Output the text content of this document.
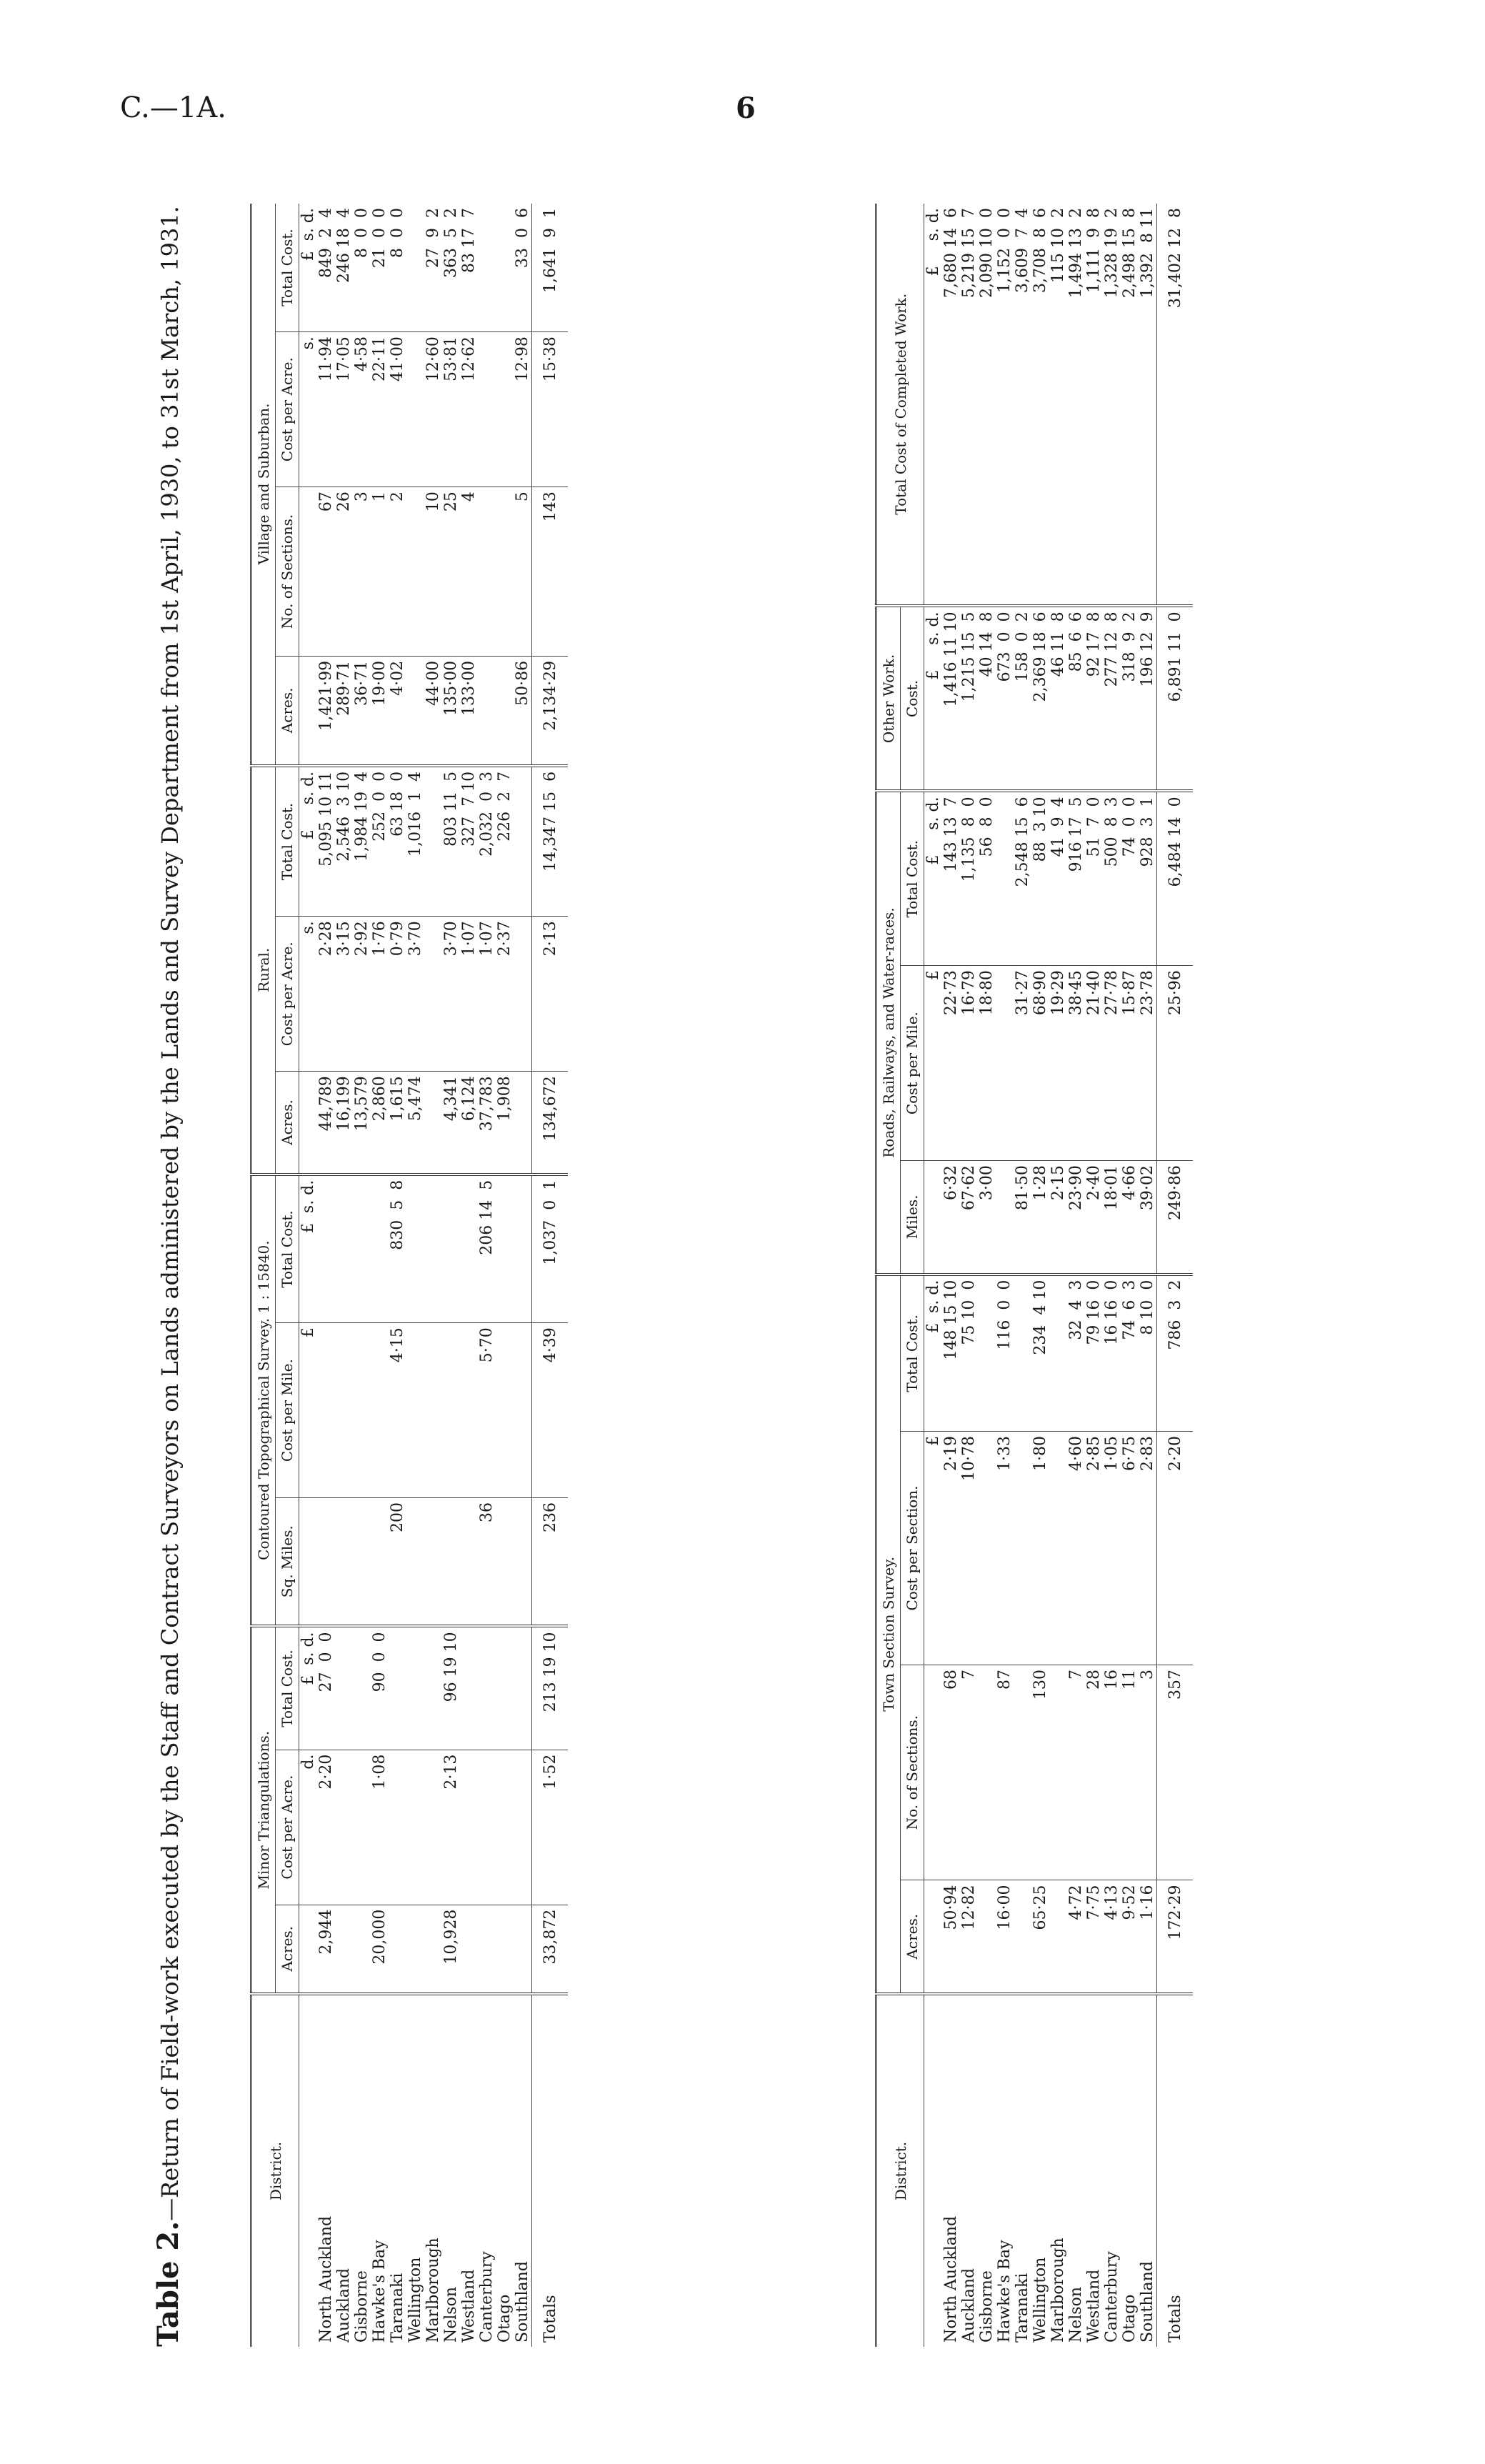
C.—1A.	6
Table 2.—Return of Field-work executed by the Staff and Contract Surveyors on Lands administered by the Lands and Survey Department from 1st April, 1930, to 31st March, 1931.	District.	Minor Triangulations.			Contoured Topographical Survey. 1 : 15840.			Rural.			Village and Suburban.			
	Acres.	Cost per Acre.	Total Cost.	Sq. Miles.	Cost per Mile.	Total Cost.	Acres.	Cost per Acre.	Total Cost.	Acres.	No. of Sections.	Cost per Acre.	Total Cost.
		d.	£  s. d.		£	£  s. d.		s.	£     s. d.			s.	£  s. d.
North Auckland	2,944	2·20	27  0  0				44,789	2·28	5,095 10 11	1,421·99	67	11·94	849  2  4
Auckland							16,199	3·15	2,546  3 10	289·71	26	17·05	246 18  4
Gisborne							13,579	2·92	1,984 19  4	36·71	3	4·58	8  0  0
Hawke's Bay	20,000	1·08	90  0  0				2,860	1·76	252  0  0	19·00	1	22·11	21  0  0
Taranaki				200	4·15	830  5  8	1,615	0·79	63 18  0	4·02	2	41·00	8  0  0
Wellington							5,474	3·70	1,016  1  4				
Marlborough										44·00	10	12·60	27  9  2
Nelson	10,928	2·13	96 19 10				4,341	3·70	803 11  5	135·00	25	53·81	363  5  2
Westland							6,124	1·07	327  7 10	133·00	4	12·62	83 17  7
Canterbury				36	5·70	206 14  5	37,783	1·07	2,032  0  3				
Otago							1,908	2·37	226  2  7				
Southland										50·86	5	12·98	33  0  6
Totals	33,872	1·52	213 19 10	236	4·39	1,037  0  1	134,672	2·13	14,347 15  6	2,134·29	143	15·38	1,641  9  1
District.	Town Section Survey.				Roads, Railways, and Water-races.			Other Work.	Total Cost of Completed Work.
	Acres.	No. of Sections.	Cost per Section.	Total Cost.	Miles.	Cost per Mile.	Total Cost.	Cost.	
			£	£  s. d.		£	£     s. d.	£     s. d.	£     s. d.
North Auckland	50·94	68	2·19	148 15 10	6·32	22·73	143 13  7	1,416 11 10	7,680 14  6
Auckland	12·82	7	10·78	75 10  0	67·62	16·79	1,135  8  0	1,215 15  5	5,219 15  7
Gisborne					3·00	18·80	56  8  0	40 14  8	2,090 10  0
Hawke's Bay	16·00	87	1·33	116  0  0				673  0  0	1,152  0  0
Taranaki					81·50	31·27	2,548 15  6	158  0  2	3,609  7  4
Wellington	65·25	130	1·80	234  4 10	1·28	68·90	88  3 10	2,369 18  6	3,708  8  6
Marlborough					2·15	19·29	41  9  4	46 11  8	115 10  2
Nelson	4·72	7	4·60	32  4  3	23·90	38·45	916 17  5	85  6  6	1,494 13  2
Westland	7·75	28	2·85	79 16  0	2·40	21·40	51  7  0	92 17  8	1,111  9  8
Canterbury	4·13	16	1·05	16 16  0	18·01	27·78	500  8  3	277 12  8	1,328 19  2
Otago	9·52	11	6·75	74  6  3	4·66	15·87	74  0  0	318  9  2	2,498 15  8
Southland	1·16	3	2·83	8 10  0	39·02	23·78	928  3  1	196 12  9	1,392  8 11
Totals	172·29	357	2·20	786  3  2	249·86	25·96	6,484 14  0	6,891 11  0	31,402 12  8
